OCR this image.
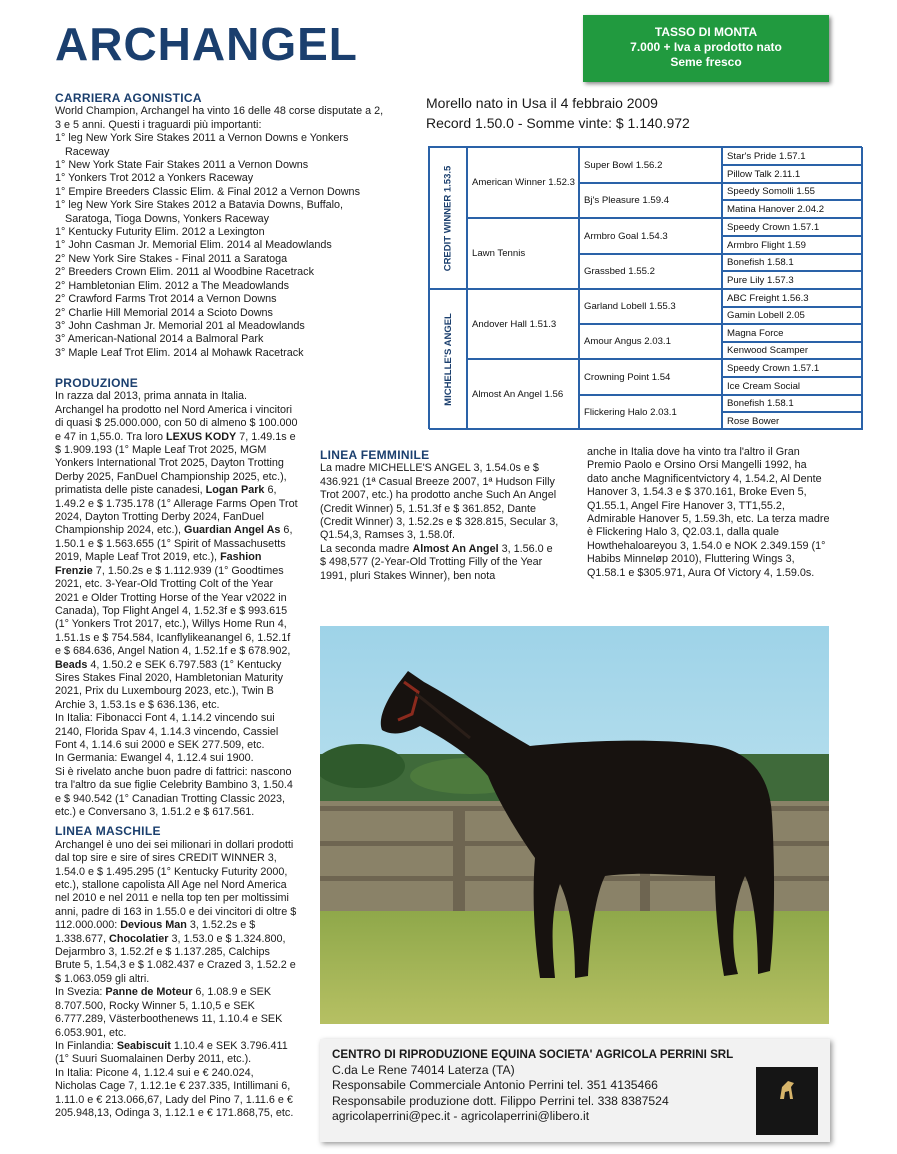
ARCHANGEL	TASSO DI MONTA
7.000 + Iva a prodotto nato
Seme fresco
Morello nato in Usa il 4 febbraio 2009
Record 1.50.0 - Somme vinte: $ 1.140.972
CARRIERA AGONISTICA

World Champion, Archangel ha vinto 16 delle 48 corse disputate a 2, 3 e 5 anni. Questi i traguardi più importanti:

1° leg New York Sire Stakes 2011 a Vernon Downs e Yonkers Raceway

1° New York State Fair Stakes 2011 a Vernon Downs

1° Yonkers Trot 2012 a Yonkers Raceway

1° Empire Breeders Classic Elim. & Final 2012 a Vernon Downs

1° leg New York Sire Stakes 2012 a Batavia Downs, Buffalo, Saratoga, Tioga Downs, Yonkers Raceway

1° Kentucky Futurity Elim. 2012 a Lexington

1° John Casman Jr. Memorial Elim. 2014 al Meadowlands

2° New York Sire Stakes - Final 2011 a Saratoga

2° Breeders Crown Elim. 2011 al Woodbine Racetrack

2° Hambletonian Elim. 2012 a The Meadowlands

2° Crawford Farms Trot 2014 a Vernon Downs

2° Charlie Hill Memorial 2014 a Scioto Downs

3° John Cashman Jr. Memorial 201 al Meadowlands

3° American-National 2014 a Balmoral Park

3° Maple Leaf Trot Elim. 2014 al Mohawk Racetrack

PRODUZIONE

In razza dal 2013, prima annata in Italia. Archangel ha prodotto nel Nord America i vincitori di quasi $ 25.000.000, con 50 di almeno $ 100.000 e 47 in 1,55.0. Tra loro LEXUS KODY 7, 1.49.1s e $ 1.909.193 (1° Maple Leaf Trot 2025, MGM Yonkers International Trot 2025, Dayton Trotting Derby 2025, FanDuel Championship 2025, etc.), primatista delle piste canadesi, Logan Park 6, 1.49.2 e $ 1.735.178 (1° Allerage Farms Open Trot 2024, Dayton Trotting Derby 2024, FanDuel Championship 2024, etc.), Guardian Angel As 6, 1.50.1 e $ 1.563.655 (1° Spirit of Massachusetts 2019, Maple Leaf Trot 2019, etc.), Fashion Frenzie 7, 1.50.2s e $ 1.112.939 (1° Goodtimes 2021, etc. 3-Year-Old Trotting Colt of the Year 2021 e Older Trotting Horse of the Year v2022 in Canada), Top Flight Angel 4, 1.52.3f e $ 993.615 (1° Yonkers Trot 2017, etc.), Willys Home Run 4, 1.51.1s e $ 754.584, Icanflylikeanangel 6, 1.52.1f e $ 684.636, Angel Nation 4, 1.52.1f e $ 678.902, Beads 4, 1.50.2 e SEK 6.797.583 (1° Kentucky Sires Stakes Final 2020, Hambletonian Maturity 2021, Prix du Luxembourg 2023, etc.), Twin B Archie 3, 1.53.1s e $ 636.136, etc.

In Italia: Fibonacci Font 4, 1.14.2 vincendo sui 2140, Florida Spav 4, 1.14.3 vincendo, Cassiel Font 4, 1.14.6 sui 2000 e SEK 277.509, etc.

In Germania: Ewangel 4, 1.12.4 sui 1900.

Si è rivelato anche buon padre di fattrici: nascono tra l'altro da sue figlie Celebrity Bambino 3, 1.50.4 e $ 940.542 (1° Canadian Trotting Classic 2023, etc.) e Conversano 3, 1.51.2 e $ 617.561.

LINEA MASCHILE

Archangel è uno dei sei milionari in dollari prodotti dal top sire e sire of sires CREDIT WINNER 3, 1.54.0 e $ 1.495.295 (1° Kentucky Futurity 2000, etc.), stallone capolista All Age nel Nord America nel 2010 e nel 2011 e nella top ten per moltissimi anni, padre di 163 in 1.55.0 e dei vincitori di oltre $ 112.000.000: Devious Man 3, 1.52.2s e $ 1.338.677, Chocolatier 3, 1.53.0 e $ 1.324.800, Dejarmbro 3, 1.52.2f e $ 1.137.285, Calchips Brute 5, 1.54,3 e $ 1.082.437 e Crazed 3, 1.52.2 e $ 1.063.059 gli altri.

In Svezia: Panne de Moteur 6, 1.08.9 e SEK 8.707.500, Rocky Winner 5, 1.10,5 e SEK 6.777.289, Västerboothenews 11, 1.10.4 e SEK 6.053.901, etc.

In Finlandia: Seabiscuit 1.10.4 e SEK 3.796.411 (1° Suuri Suomalainen Derby 2011, etc.).

In Italia: Picone 4, 1.12.4 sui e € 240.024, Nicholas Cage 7, 1.12.1e € 237.335, Intillimani 6, 1.11.0 e € 213.066,67, Lady del Pino 7, 1.11.6 e € 205.948,13, Odinga 3, 1.12.1 e € 171.868,75, etc.

CREDIT WINNER 1.53.5
MICHELLE'S ANGEL
American Winner 1.52.3
Lawn Tennis
Andover Hall 1.51.3
Almost An Angel 1.56
Super Bowl 1.56.2
Bj's Pleasure 1.59.4
Armbro Goal 1.54.3
Grassbed 1.55.2
Garland Lobell 1.55.3
Amour Angus 2.03.1
Crowning Point 1.54
Flickering Halo 2.03.1
Star's Pride 1.57.1
Pillow Talk 2.11.1
Speedy Somolli 1.55
Matina Hanover 2.04.2
Speedy Crown 1.57.1
Armbro Flight 1.59
Bonefish 1.58.1
Pure Lily 1.57.3
ABC Freight 1.56.3
Gamin Lobell 2.05
Magna Force
Kenwood Scamper
Speedy Crown 1.57.1
Ice Cream Social
Bonefish 1.58.1
Rose Bower
LINEA FEMMINILE

La madre MICHELLE'S ANGEL 3, 1.54.0s e $ 436.921 (1ª Casual Breeze 2007, 1ª Hudson Filly Trot 2007, etc.) ha prodotto anche Such An Angel (Credit Winner) 5, 1.51.3f e $ 361.852, Dante (Credit Winner) 3, 1.52.2s e $ 328.815, Secular 3, Q1.54,3, Ramses 3, 1.58.0f.

La seconda madre Almost An Angel 3, 1.56.0 e $ 498,577 (2-Year-Old Trotting Filly of the Year 1991, pluri Stakes Winner), ben nota

anche in Italia dove ha vinto tra l'altro il Gran Premio Paolo e Orsino Orsi Mangelli 1992, ha dato anche Magnificentvictory 4, 1.54.2, Al Dente Hanover 3, 1.54.3 e $ 370.161, Broke Even 5, Q1.55.1, Angel Fire Hanover 3, TT1,55.2, Admirable Hanover 5, 1.59.3h, etc. La terza madre è Flickering Halo 3, Q2.03.1, dalla quale Howthehaloareyou 3, 1.54.0 e NOK 2.349.159 (1° Habibs Minneløp 2010), Fluttering Wings 3, Q1.58.1 e $305.971, Aura Of Victory 4, 1.59.0s.

CENTRO DI RIPRODUZIONE EQUINA SOCIETA' AGRICOLA PERRINI SRL
C.da Le Rene 74014 Laterza (TA)
Responsabile Commerciale Antonio Perrini tel. 351 4135466
Responsabile produzione dott. Filippo Perrini tel. 338 8387524
agricolaperrini@pec.it - agricolaperrini@libero.it
